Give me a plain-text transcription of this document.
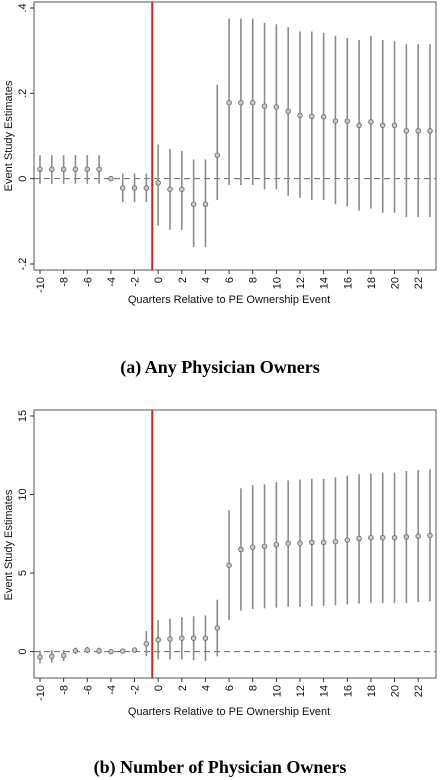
-10 -8 -6 -4 -2 0 2 4 6 8 10 12 14 16 18 20 22
-.2
0
.2
.4
Quarters Relative to PE Ownership Event
Event Study Estimates
(a) Any Physician Owners
-10 -8 -6 -4 -2 0 2 4 6 8 10 12 14 16 18 20 22
0
5
10
15
Quarters Relative to PE Ownership Event
Event Study Estimates
(b) Number of Physician Owners
